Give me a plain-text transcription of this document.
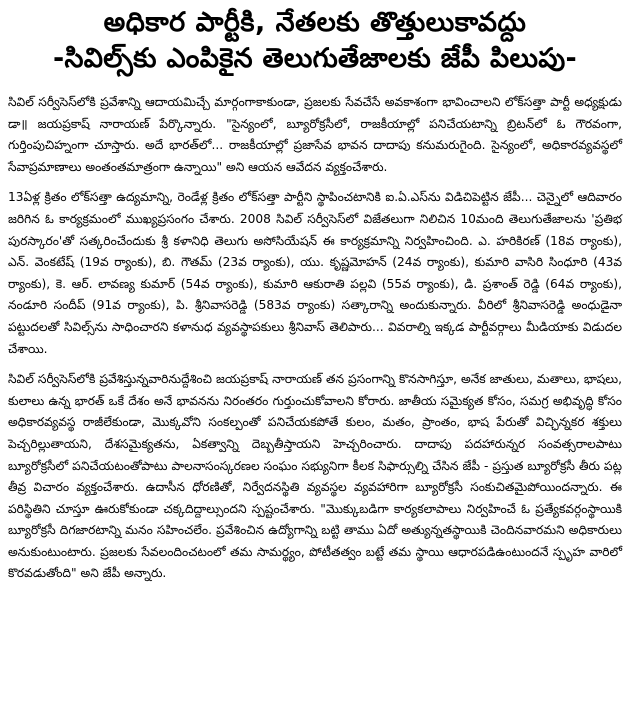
అధికార పార్టీకి, నేతలకు తొత్తులుకావద్దు
-సివిల్స్‌కు ఎంపికైన తెలుగుతేజాలకు జేపీ పిలుపు-

సివిల్ సర్వీసెస్‌లోకి ప్రవేశాన్ని ఆదాయమిచ్చే మార్గంగాకాకుండా, ప్రజలకు సేవచేసే అవకాశంగా భావించాలని లోక్‌సత్తా పార్టీ అధ్యక్షుడు డా॥ జయప్రకాష్ నారాయణ్ పేర్కొన్నారు. "సైన్యంలో, బ్యూరోక్రసీలో, రాజకీయాల్లో పనిచేయటాన్ని బ్రిటన్‌లో ఓ గౌరవంగా, గుర్తింపుచిహ్నంగా చూస్తారు. అదే భారత్‌లో... రాజకీయాల్లో ప్రజాసేవ భావన దాదాపు కనుమరుగైంది. సైన్యంలో, అధికారవ్యవస్థలో సేవాప్రమాణాలు అంతంతమాత్రంగా ఉన్నాయి" అని ఆయన ఆవేదన వ్యక్తంచేశారు.

13ఏళ్ల క్రితం లోక్‌సత్తా ఉద్యమాన్ని, రెండేళ్ల క్రితం లోక్‌సత్తా పార్టీని స్థాపించటానికి ఐ.ఏ.ఎస్‌ను విడిచిపెట్టిన జేపీ... చెన్నైలో ఆదివారం జరిగిన ఓ కార్యక్రమంలో ముఖ్యప్రసంగం చేశారు. 2008 సివిల్ సర్వీసెస్‌లో విజేతలుగా నిలిచిన 10మంది తెలుగుతేజాలను 'ప్రతిభ పురస్కారం'తో సత్కరించేందుకు శ్రీ కళానిధి తెలుగు అసోసియేషన్ ఈ కార్యక్రమాన్ని నిర్వహించింది. ఎ. హరికిరణ్ (18వ ర్యాంకు), ఎన్. వెంకటేష్ (19వ ర్యాంకు), బి. గౌతమ్ (23వ ర్యాంకు), యు. కృష్ణమోహన్ (24వ ర్యాంకు), కుమారి వాసిరి సింధూరి (43వ ర్యాంకు), కె. ఆర్. లావణ్య కుమార్ (54వ ర్యాంకు), కుమారి ఆకురాతి పల్లవి (55వ ర్యాంకు), డి. ప్రశాంత్ రెడ్డి (64వ ర్యాంకు), నండూరి సందీప్ (91వ ర్యాంకు), పి. శ్రీనివాసరెడ్డి (583వ ర్యాంకు) సత్కారాన్ని అందుకున్నారు. వీరిలో శ్రీనివాసరెడ్డి అంధుడైనా పట్టుదలతో సివిల్స్‌ను సాధించారని కళానుధ వ్యవస్థాపకులు శ్రీనివాస్ తెలిపారు... వివరాల్ని ఇక్కడ పార్టీవర్గాలు మీడియాకు విడుదల చేశాయి.

సివిల్ సర్వీసెస్‌లోకి ప్రవేశిస్తున్నవారినుద్దేశించి జయప్రకాష్ నారాయణ్ తన ప్రసంగాన్ని కొనసాగిస్తూ, అనేక జాతులు, మతాలు, భాషలు, కులాలు ఉన్న భారత్ ఒకే దేశం అనే భావనను నిరంతరం గుర్తుంచుకోవాలని కోరారు. జాతీయ సమైక్యత కోసం, సమగ్ర అభివృద్ధి కోసం అధికారవ్యవస్థ రాజీలేకుండా, మొక్కవోని సంకల్పంతో పనిచేయకపోతే కులం, మతం, ప్రాంతం, భాష పేరుతో విచ్ఛిన్నకర శక్తులు పెచ్చరిల్లుతాయని, దేశసమైక్యతను, ఏకత్వాన్ని దెబ్బతీస్తాయని హెచ్చరించారు. దాదాపు పదహారున్నర సంవత్సరాలపాటు బ్యూరోక్రసీలో పనిచేయటంతోపాటు పాలనాసంస్కరణల సంఘం సభ్యునిగా కీలక సిఫార్సుల్ని చేసిన జేపీ - ప్రస్తుత బ్యూరోక్రసీ తీరు పట్ల తీవ్ర విచారం వ్యక్తంచేశారు. ఉదాసీన ధోరణితో, నిర్వేదనస్థితి వ్యవస్థల వ్యవహారిగా బ్యూరోక్రసీ సంకుచితమైపోయిందన్నారు. ఈ పరిస్థితిని చూస్తూ ఊరుకోకుండా చక్కదిద్దాల్సుందని స్పష్టంచేశారు. "మొక్కుబడిగా కార్యకలాపాలు నిర్వహించే ఓ ప్రత్యేకవర్గంస్థాయికి బ్యూరోక్రసీ దిగజారటాన్ని మనం సహించలేం. ప్రవేశించిన ఉద్యోగాన్ని బట్టి తాము ఏదో అత్యున్నతస్థాయికి చెందినవారమని అధికారులు అనుకుంటుంటారు. ప్రజలకు సేవలందించటంలో తమ సామర్థ్యం, పోటీతత్వం బట్టే తమ స్థాయి ఆధారపడిఉంటుందనే స్పృహ వారిలో కొరవడుతోంది" అని జేపీ అన్నారు.
